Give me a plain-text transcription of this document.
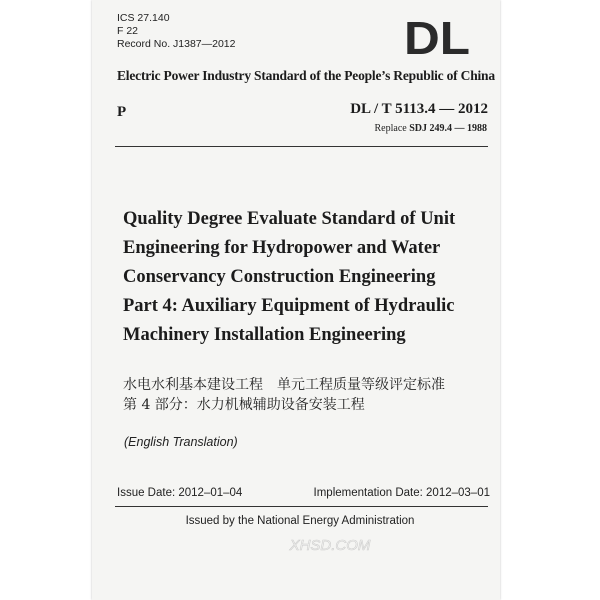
ICS 27.140
F 22
Record No. J1387—2012	DL
Electric Power Industry Standard of the People’s Republic of China
P	DL / T 5113.4 — 2012
Replace SDJ 249.4 — 1988
Quality Degree Evaluate Standard of Unit
Engineering for Hydropower and Water
Conservancy Construction Engineering
Part 4: Auxiliary Equipment of Hydraulic
Machinery Installation Engineering
水电水利基本建设工程　单元工程质量等级评定标准
第 4 部分：水力机械辅助设备安装工程
(English Translation)
Issue Date: 2012–01–04	Implementation Date: 2012–03–01
Issued by the National Energy Administration
XHSD.COM
